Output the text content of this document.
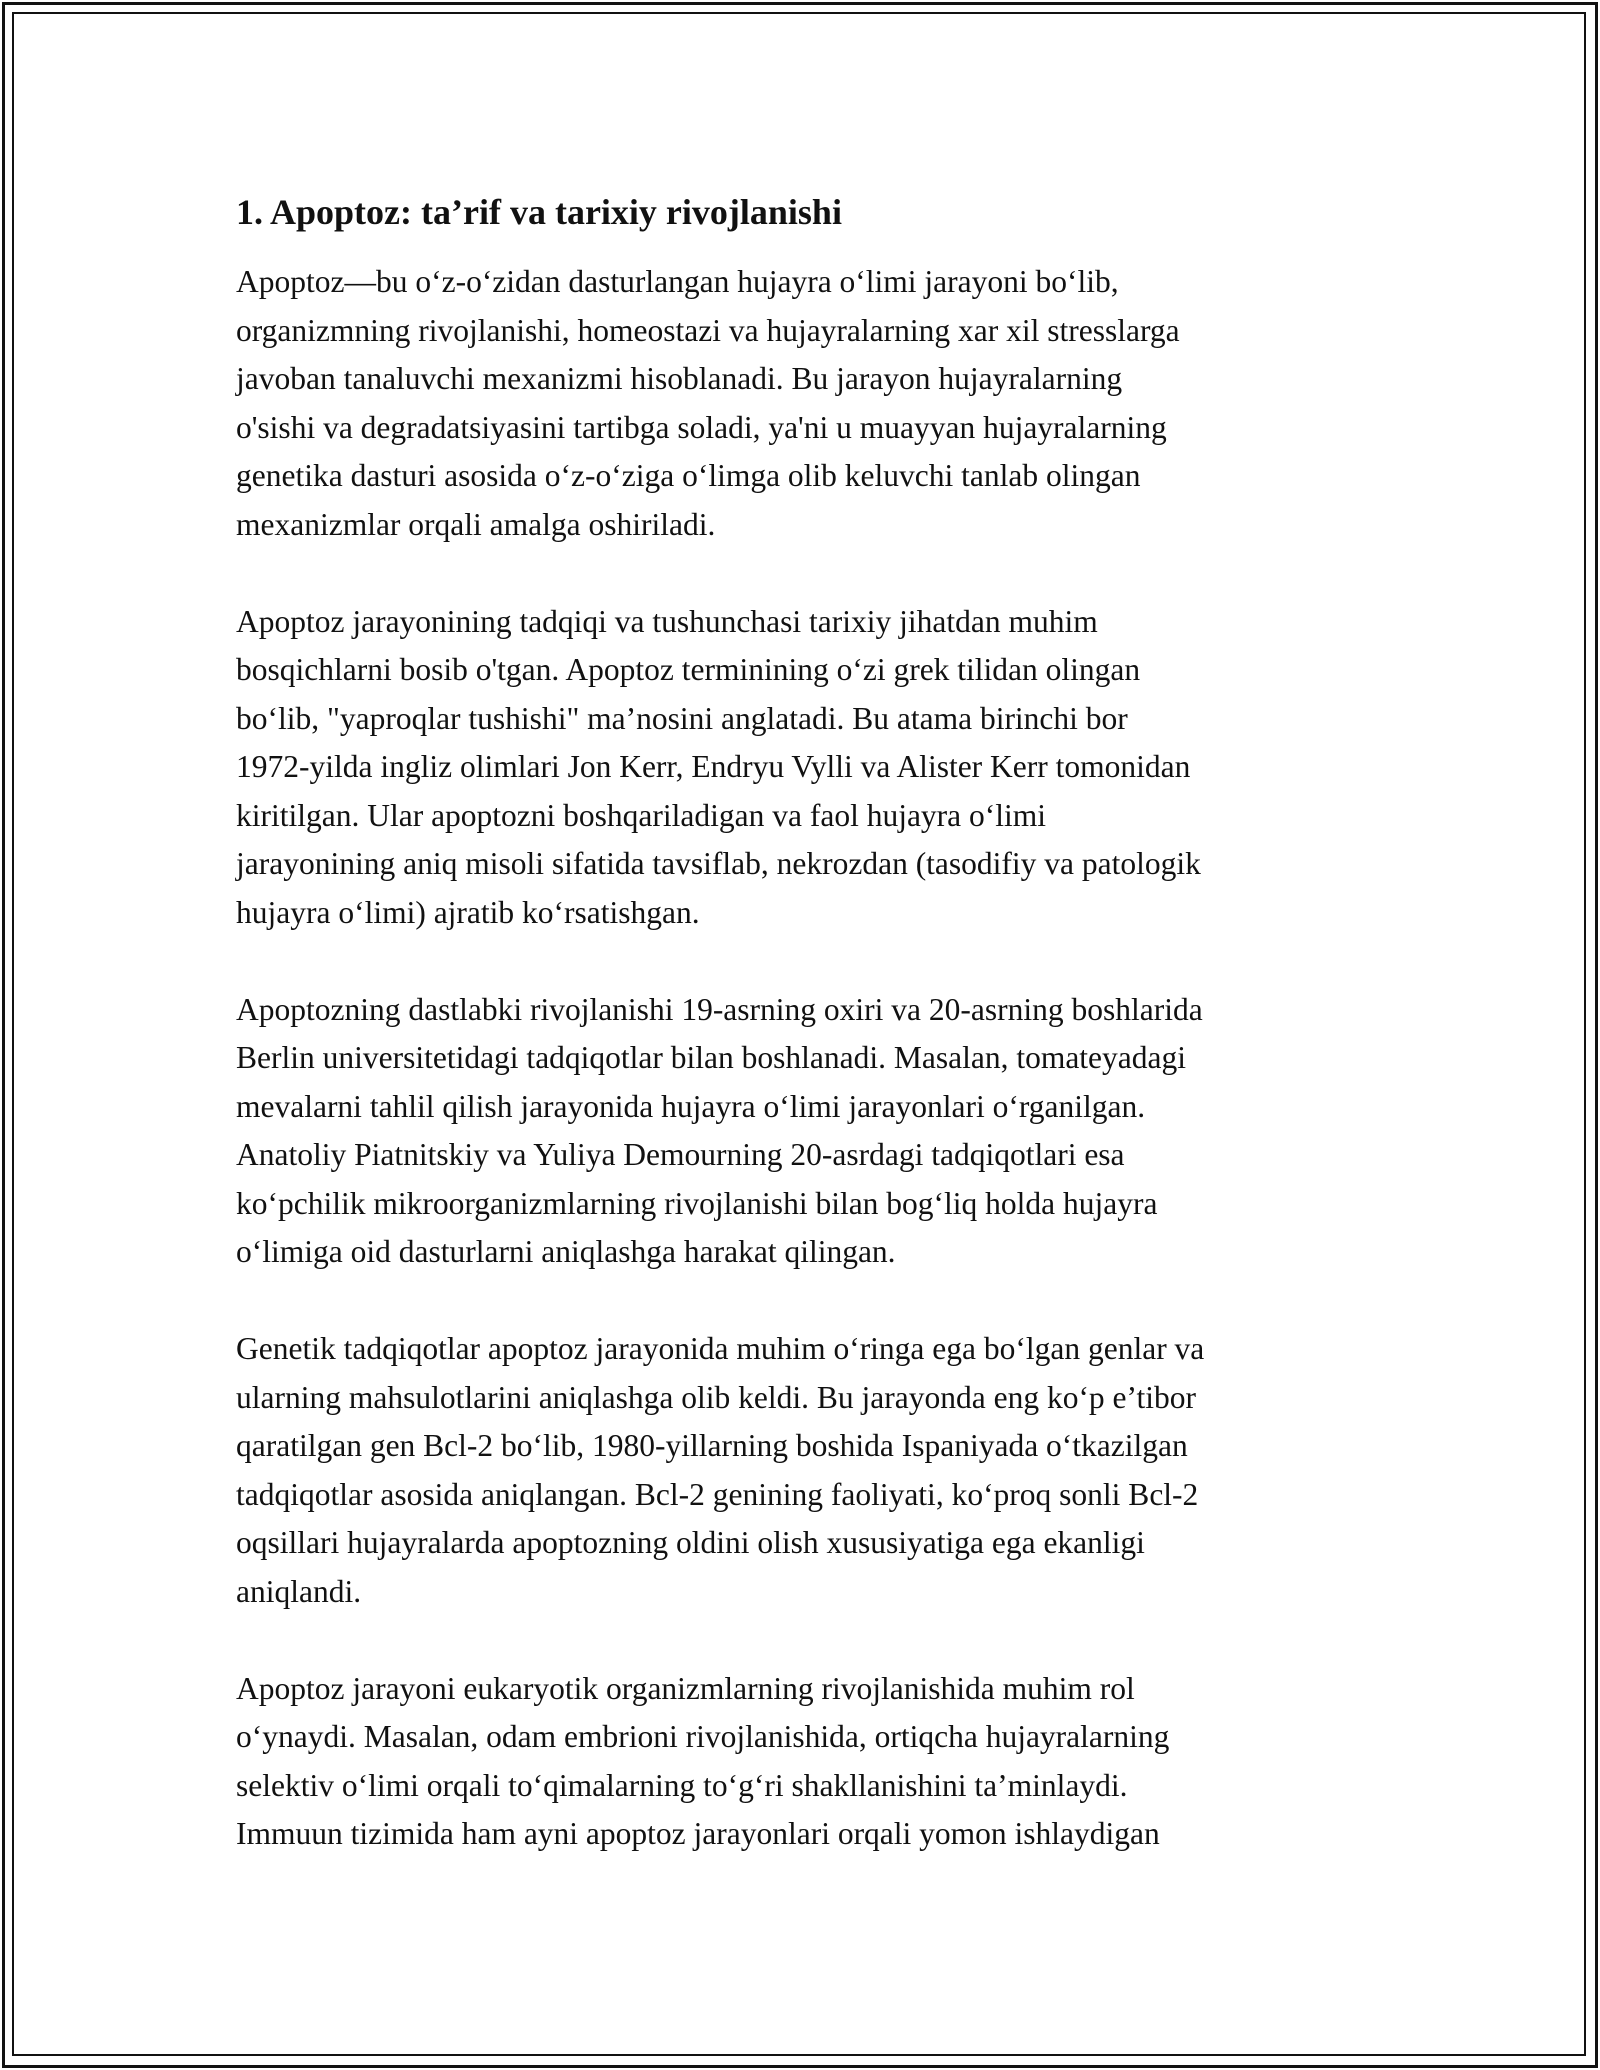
1. Apoptoz: ta’rif va tarixiy rivojlanishi

Apoptoz—bu o‘z-o‘zidan dasturlangan hujayra o‘limi jarayoni bo‘lib,
organizmning rivojlanishi, homeostazi va hujayralarning xar xil stresslarga
javoban tanaluvchi mexanizmi hisoblanadi. Bu jarayon hujayralarning
o'sishi va degradatsiyasini tartibga soladi, ya'ni u muayyan hujayralarning
genetika dasturi asosida o‘z-o‘ziga o‘limga olib keluvchi tanlab olingan
mexanizmlar orqali amalga oshiriladi.

Apoptoz jarayonining tadqiqi va tushunchasi tarixiy jihatdan muhim
bosqichlarni bosib o'tgan. Apoptoz terminining o‘zi grek tilidan olingan
bo‘lib, "yaproqlar tushishi" ma’nosini anglatadi. Bu atama birinchi bor
1972-yilda ingliz olimlari Jon Kerr, Endryu Vylli va Alister Kerr tomonidan
kiritilgan. Ular apoptozni boshqariladigan va faol hujayra o‘limi
jarayonining aniq misoli sifatida tavsiflab, nekrozdan (tasodifiy va patologik
hujayra o‘limi) ajratib ko‘rsatishgan.

Apoptozning dastlabki rivojlanishi 19-asrning oxiri va 20-asrning boshlarida
Berlin universitetidagi tadqiqotlar bilan boshlanadi. Masalan, tomateyadagi
mevalarni tahlil qilish jarayonida hujayra o‘limi jarayonlari o‘rganilgan.
Anatoliy Piatnitskiy va Yuliya Demourning 20-asrdagi tadqiqotlari esa
ko‘pchilik mikroorganizmlarning rivojlanishi bilan bog‘liq holda hujayra
o‘limiga oid dasturlarni aniqlashga harakat qilingan.

Genetik tadqiqotlar apoptoz jarayonida muhim o‘ringa ega bo‘lgan genlar va
ularning mahsulotlarini aniqlashga olib keldi. Bu jarayonda eng ko‘p e’tibor
qaratilgan gen Bcl-2 bo‘lib, 1980-yillarning boshida Ispaniyada o‘tkazilgan
tadqiqotlar asosida aniqlangan. Bcl-2 genining faoliyati, ko‘proq sonli Bcl-2
oqsillari hujayralarda apoptozning oldini olish xususiyatiga ega ekanligi
aniqlandi.

Apoptoz jarayoni eukaryotik organizmlarning rivojlanishida muhim rol
o‘ynaydi. Masalan, odam embrioni rivojlanishida, ortiqcha hujayralarning
selektiv o‘limi orqali to‘qimalarning to‘g‘ri shakllanishini ta’minlaydi.
Immuun tizimida ham ayni apoptoz jarayonlari orqali yomon ishlaydigan
